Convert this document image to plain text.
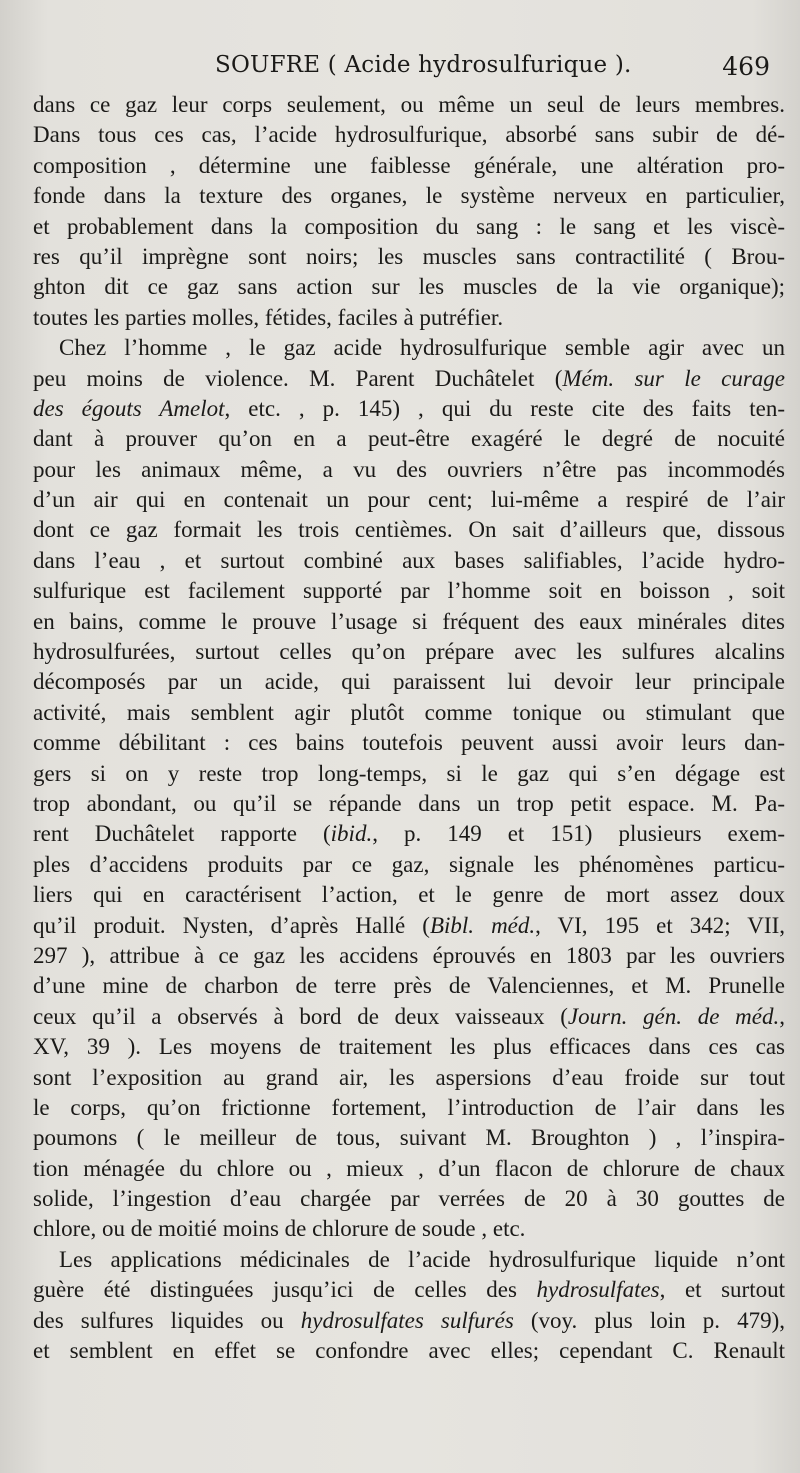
SOUFRE ( Acide hydrosulfurique ).	469
dans ce gaz leur corps seulement, ou même un seul de leurs membres.
Dans tous ces cas, l’acide hydrosulfurique, absorbé sans subir de dé-
composition , détermine une faiblesse générale, une altération pro-
fonde dans la texture des organes, le système nerveux en particulier,
et probablement dans la composition du sang : le sang et les viscè-
res qu’il imprègne sont noirs; les muscles sans contractilité ( Brou-
ghton dit ce gaz sans action sur les muscles de la vie organique);
toutes les parties molles, fétides, faciles à putréfier.
Chez l’homme , le gaz acide hydrosulfurique semble agir avec un
peu moins de violence. M. Parent Duchâtelet (Mém. sur le curage
des égouts Amelot, etc. , p. 145) , qui du reste cite des faits ten-
dant à prouver qu’on en a peut-être exagéré le degré de nocuité
pour les animaux même, a vu des ouvriers n’être pas incommodés
d’un air qui en contenait un pour cent; lui-même a respiré de l’air
dont ce gaz formait les trois centièmes. On sait d’ailleurs que, dissous
dans l’eau , et surtout combiné aux bases salifiables, l’acide hydro-
sulfurique est facilement supporté par l’homme soit en boisson , soit
en bains, comme le prouve l’usage si fréquent des eaux minérales dites
hydrosulfurées, surtout celles qu’on prépare avec les sulfures alcalins
décomposés par un acide, qui paraissent lui devoir leur principale
activité, mais semblent agir plutôt comme tonique ou stimulant que
comme débilitant : ces bains toutefois peuvent aussi avoir leurs dan-
gers si on y reste trop long-temps, si le gaz qui s’en dégage est
trop abondant, ou qu’il se répande dans un trop petit espace. M. Pa-
rent Duchâtelet rapporte (ibid., p. 149 et 151) plusieurs exem-
ples d’accidens produits par ce gaz, signale les phénomènes particu-
liers qui en caractérisent l’action, et le genre de mort assez doux
qu’il produit. Nysten, d’après Hallé (Bibl. méd., VI, 195 et 342; VII,
297 ), attribue à ce gaz les accidens éprouvés en 1803 par les ouvriers
d’une mine de charbon de terre près de Valenciennes, et M. Prunelle
ceux qu’il a observés à bord de deux vaisseaux (Journ. gén. de méd.,
XV, 39 ). Les moyens de traitement les plus efficaces dans ces cas
sont l’exposition au grand air, les aspersions d’eau froide sur tout
le corps, qu’on frictionne fortement, l’introduction de l’air dans les
poumons ( le meilleur de tous, suivant M. Broughton ) , l’inspira-
tion ménagée du chlore ou , mieux , d’un flacon de chlorure de chaux
solide, l’ingestion d’eau chargée par verrées de 20 à 30 gouttes de
chlore, ou de moitié moins de chlorure de soude , etc.
Les applications médicinales de l’acide hydrosulfurique liquide n’ont
guère été distinguées jusqu’ici de celles des hydrosulfates, et surtout
des sulfures liquides ou hydrosulfates sulfurés (voy. plus loin p. 479),
et semblent en effet se confondre avec elles; cependant C. Renault
